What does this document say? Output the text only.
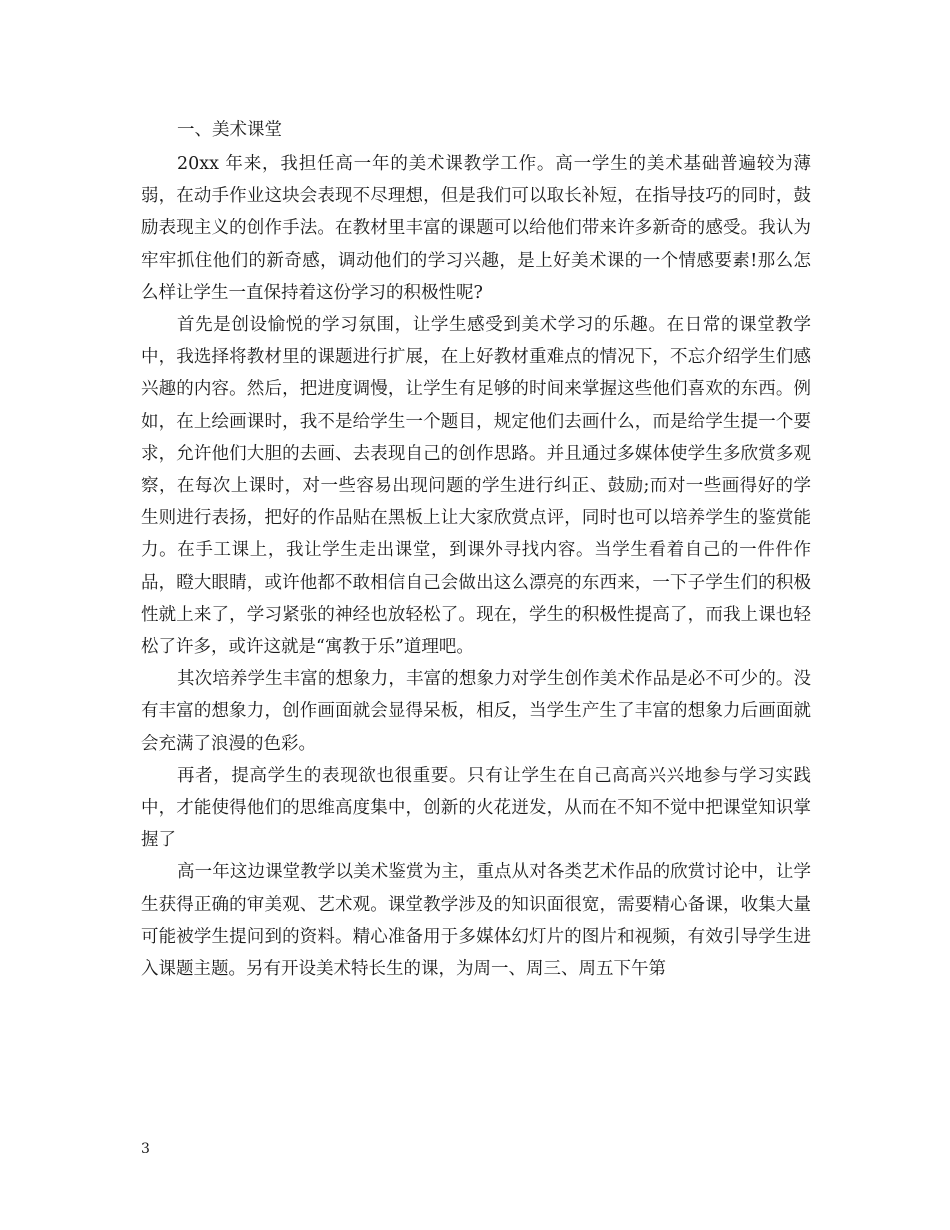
一、美术课堂

20xx 年来，我担任高一年的美术课教学工作。高一学生的美术基础普遍较为薄弱，在动手作业这块会表现不尽理想，但是我们可以取长补短，在指导技巧的同时，鼓励表现主义的创作手法。在教材里丰富的课题可以给他们带来许多新奇的感受。我认为牢牢抓住他们的新奇感，调动他们的学习兴趣，是上好美术课的一个情感要素!那么怎么样让学生一直保持着这份学习的积极性呢?

首先是创设愉悦的学习氛围，让学生感受到美术学习的乐趣。在日常的课堂教学中，我选择将教材里的课题进行扩展，在上好教材重难点的情况下，不忘介绍学生们感兴趣的内容。然后，把进度调慢，让学生有足够的时间来掌握这些他们喜欢的东西。例如，在上绘画课时，我不是给学生一个题目，规定他们去画什么，而是给学生提一个要求，允许他们大胆的去画、去表现自己的创作思路。并且通过多媒体使学生多欣赏多观察，在每次上课时，对一些容易出现问题的学生进行纠正、鼓励;而对一些画得好的学生则进行表扬，把好的作品贴在黑板上让大家欣赏点评，同时也可以培养学生的鉴赏能力。在手工课上，我让学生走出课堂，到课外寻找内容。当学生看着自己的一件件作品，瞪大眼睛，或许他都不敢相信自己会做出这么漂亮的东西来，一下子学生们的积极性就上来了，学习紧张的神经也放轻松了。现在，学生的积极性提高了，而我上课也轻松了许多，或许这就是“寓教于乐”道理吧。

其次培养学生丰富的想象力，丰富的想象力对学生创作美术作品是必不可少的。没有丰富的想象力，创作画面就会显得呆板，相反，当学生产生了丰富的想象力后画面就会充满了浪漫的色彩。

再者，提高学生的表现欲也很重要。只有让学生在自己高高兴兴地参与学习实践中，才能使得他们的思维高度集中，创新的火花迸发，从而在不知不觉中把课堂知识掌握了

高一年这边课堂教学以美术鉴赏为主，重点从对各类艺术作品的欣赏讨论中，让学生获得正确的审美观、艺术观。课堂教学涉及的知识面很宽，需要精心备课，收集大量可能被学生提问到的资料。精心准备用于多媒体幻灯片的图片和视频，有效引导学生进入课题主题。另有开设美术特长生的课，为周一、周三、周五下午第

3
